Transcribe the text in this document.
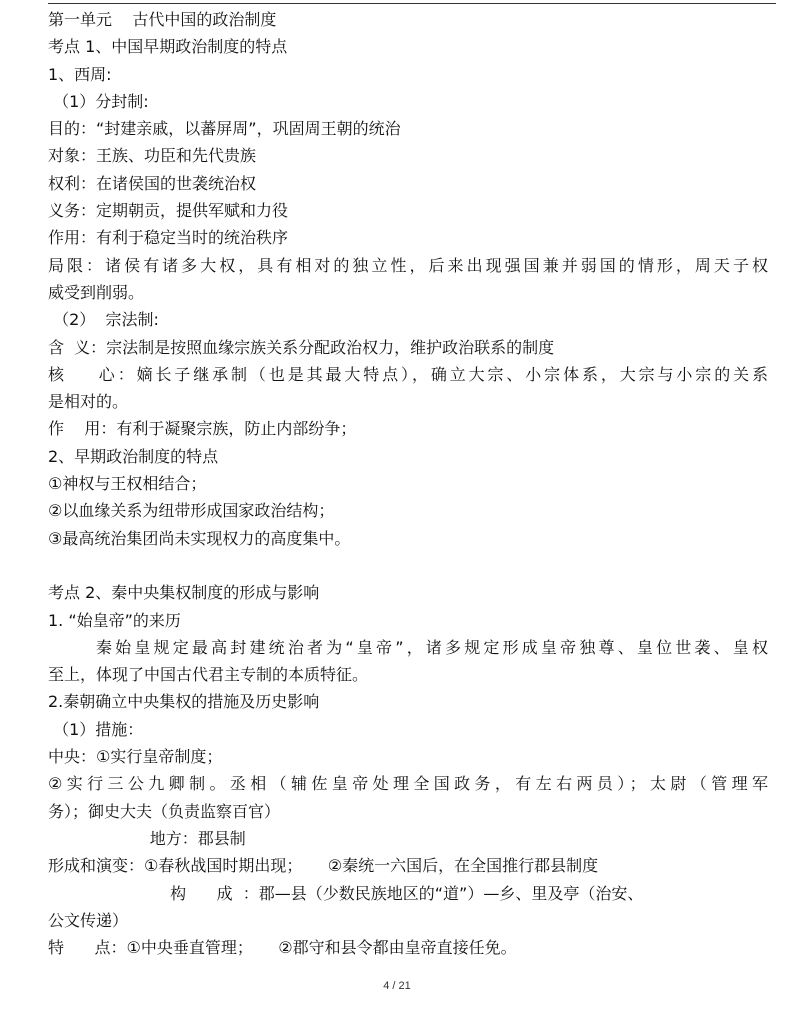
第一单元    古代中国的政治制度

考点 1、中国早期政治制度的特点

1、西周:

（1）分封制:

目的：“封建亲戚，以蕃屏周”，巩固周王朝的统治

对象：王族、功臣和先代贵族

权利：在诸侯国的世袭统治权

义务：定期朝贡，提供军赋和力役

作用：有利于稳定当时的统治秩序

局限：诸侯有诸多大权，具有相对的独立性，后来出现强国兼并弱国的情形，周天子权

威受到削弱。

（2）  宗法制:

含  义：宗法制是按照血缘宗族关系分配政治权力，维护政治联系的制度

核    心：嫡长子继承制（也是其最大特点），确立大宗、小宗体系，大宗与小宗的关系

是相对的。

作    用：有利于凝聚宗族，防止内部纷争；

2、早期政治制度的特点

①神权与王权相结合；

②以血缘关系为纽带形成国家政治结构；

③最高统治集团尚未实现权力的高度集中。

考点 2、秦中央集权制度的形成与影响

1. “始皇帝”的来历

秦始皇规定最高封建统治者为“皇帝”，诸多规定形成皇帝独尊、皇位世袭、皇权

至上，体现了中国古代君主专制的本质特征。

2.秦朝确立中央集权的措施及历史影响

（1）措施：

中央：①实行皇帝制度；

②实行三公九卿制。丞相（辅佐皇帝处理全国政务，有左右两员）；太尉（管理军

务）；御史大夫（负责监察百官）

地方：郡县制

形成和演变：①春秋战国时期出现；     ②秦统一六国后，在全国推行郡县制度

构      成  ：郡—县（少数民族地区的“道”）—乡、里及亭（治安、

公文传递）

特      点：①中央垂直管理；     ②郡守和县令都由皇帝直接任免。

4 / 21
